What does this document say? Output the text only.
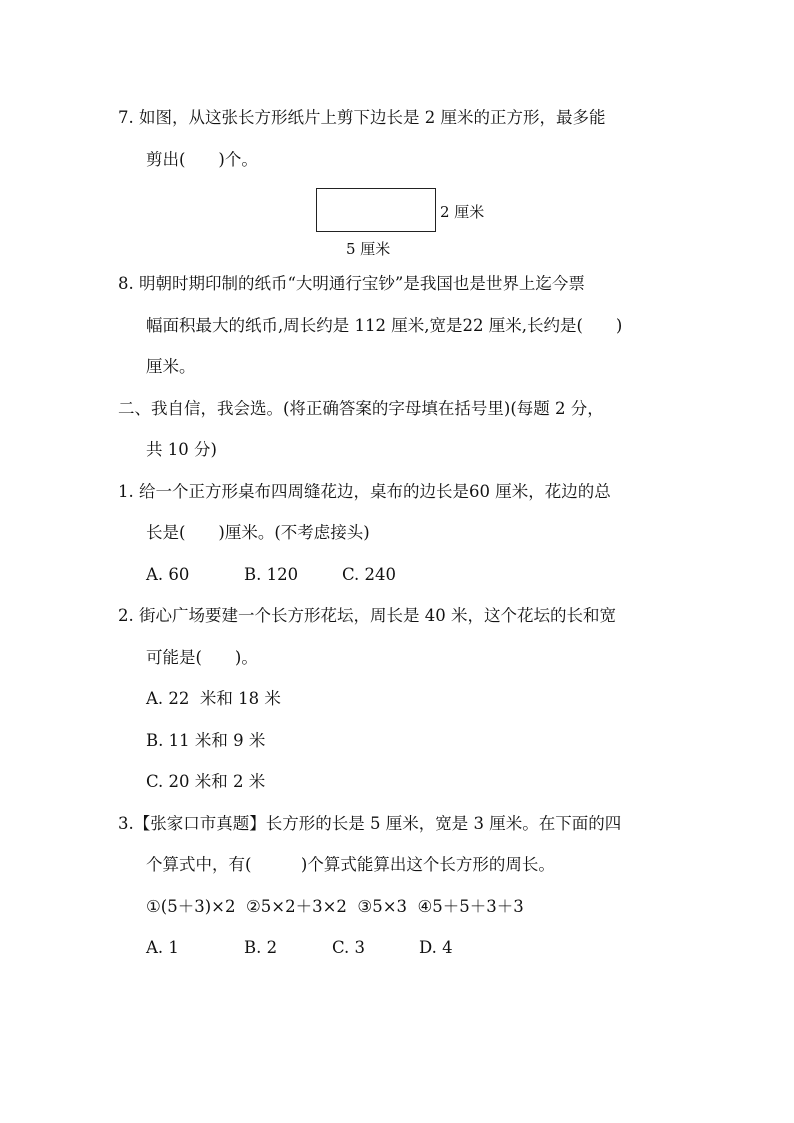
7. 如图，从这张长方形纸片上剪下边长是 2 厘米的正方形，最多能
剪出(　　)个。
2 厘米
5 厘米
8. 明朝时期印制的纸币“大明通行宝钞”是我国也是世界上迄今票
幅面积最大的纸币,周长约是 112 厘米,宽是22 厘米,长约是(　　)
厘米。
二、我自信，我会选。(将正确答案的字母填在括号里)(每题 2 分，
共 10 分)
1. 给一个正方形桌布四周缝花边，桌布的边长是60 厘米，花边的总
长是(　　)厘米。(不考虑接头)
A. 60	B. 120	C. 240
2. 街心广场要建一个长方形花坛，周长是 40 米，这个花坛的长和宽
可能是(　　)。
A. 22  米和 18 米
B. 11 米和 9 米
C. 20 米和 2 米
3.【张家口市真题】长方形的长是 5 厘米，宽是 3 厘米。在下面的四
个算式中，有(　　　)个算式能算出这个长方形的周长。
①(5＋3)×2  ②5×2＋3×2  ③5×3  ④5＋5＋3＋3
A. 1	B. 2	C. 3	D. 4
